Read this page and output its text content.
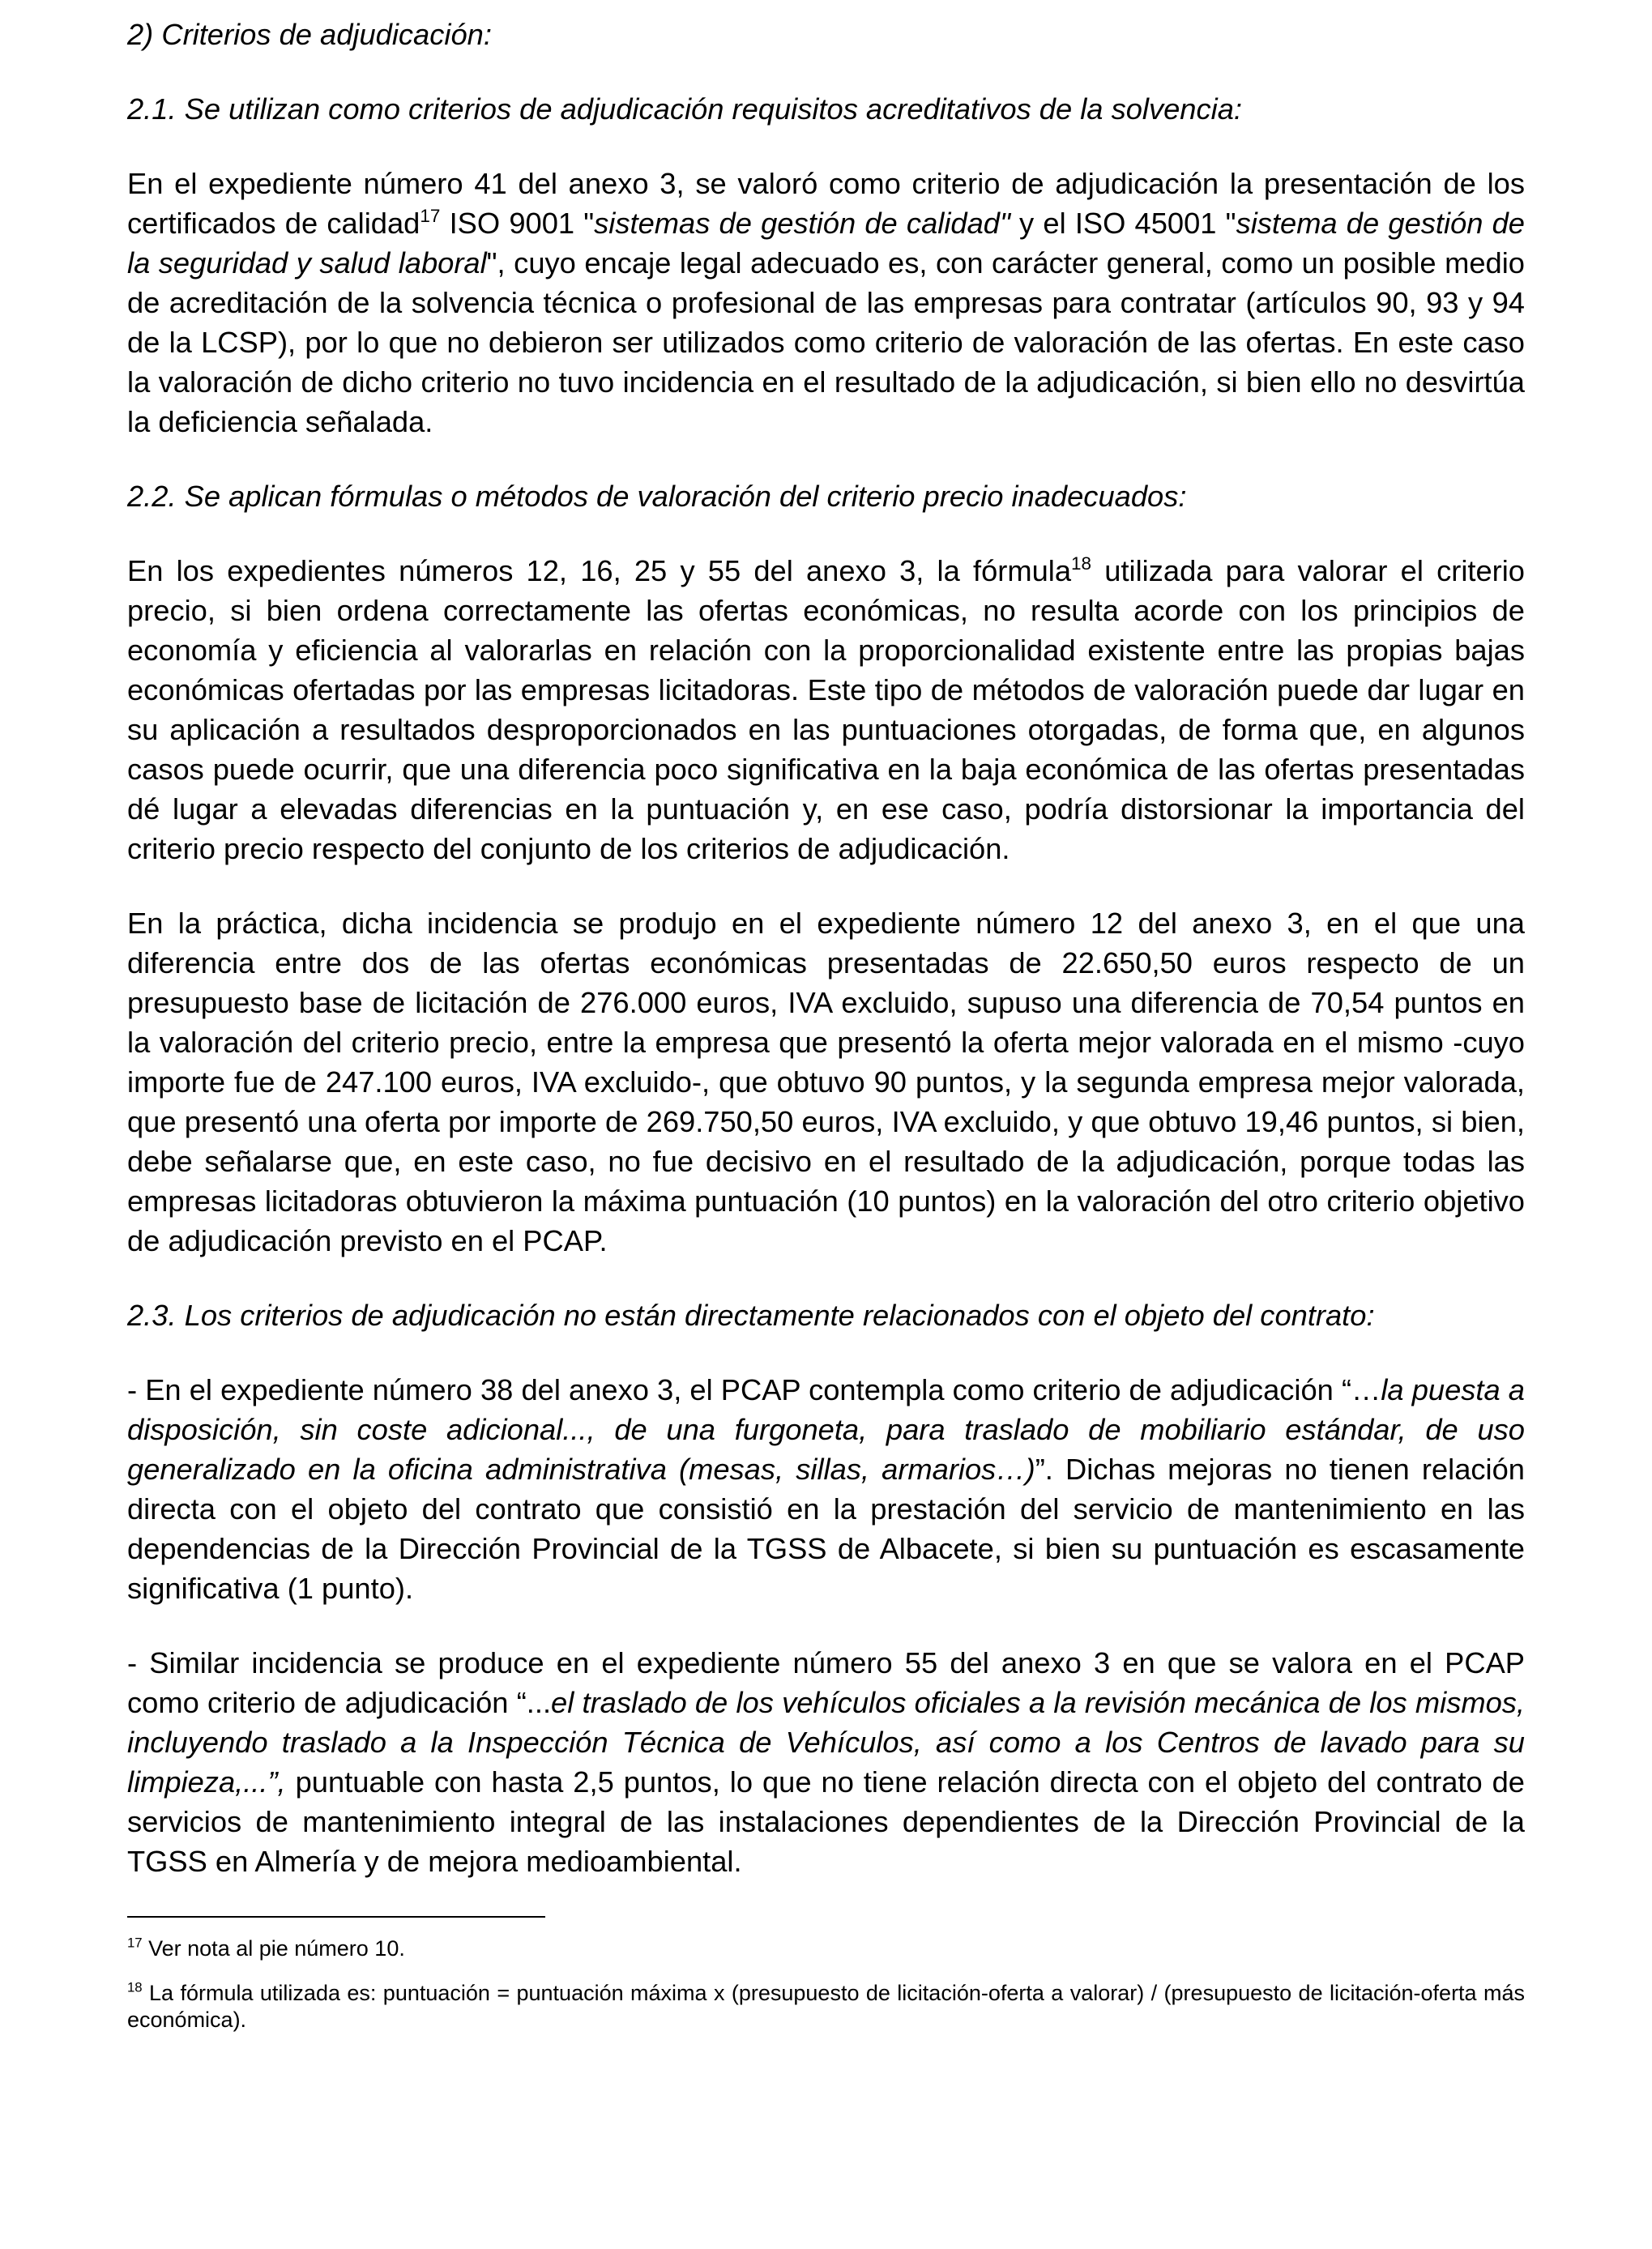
2) Criterios de adjudicación:

2.1. Se utilizan como criterios de adjudicación requisitos acreditativos de la solvencia:

En el expediente número 41 del anexo 3, se valoró como criterio de adjudicación la presentación de los certificados de calidad$^{17}$ ISO 9001 "sistemas de gestión de calidad" y el ISO 45001 "sistema de gestión de la seguridad y salud laboral", cuyo encaje legal adecuado es, con carácter general, como un posible medio de acreditación de la solvencia técnica o profesional de las empresas para contratar (artículos 90, 93 y 94 de la LCSP), por lo que no debieron ser utilizados como criterio de valoración de las ofertas. En este caso la valoración de dicho criterio no tuvo incidencia en el resultado de la adjudicación, si bien ello no desvirtúa la deficiencia señalada.

2.2. Se aplican fórmulas o métodos de valoración del criterio precio inadecuados:

En los expedientes números 12, 16, 25 y 55 del anexo 3, la fórmula$^{18}$ utilizada para valorar el criterio precio, si bien ordena correctamente las ofertas económicas, no resulta acorde con los principios de economía y eficiencia al valorarlas en relación con la proporcionalidad existente entre las propias bajas económicas ofertadas por las empresas licitadoras. Este tipo de métodos de valoración puede dar lugar en su aplicación a resultados desproporcionados en las puntuaciones otorgadas, de forma que, en algunos casos puede ocurrir, que una diferencia poco significativa en la baja económica de las ofertas presentadas dé lugar a elevadas diferencias en la puntuación y, en ese caso, podría distorsionar la importancia del criterio precio respecto del conjunto de los criterios de adjudicación.

En la práctica, dicha incidencia se produjo en el expediente número 12 del anexo 3, en el que una diferencia entre dos de las ofertas económicas presentadas de 22.650,50 euros respecto de un presupuesto base de licitación de 276.000 euros, IVA excluido, supuso una diferencia de 70,54 puntos en la valoración del criterio precio, entre la empresa que presentó la oferta mejor valorada en el mismo -cuyo importe fue de 247.100 euros, IVA excluido-, que obtuvo 90 puntos, y la segunda empresa mejor valorada, que presentó una oferta por importe de 269.750,50 euros, IVA excluido, y que obtuvo 19,46 puntos, si bien, debe señalarse que, en este caso, no fue decisivo en el resultado de la adjudicación, porque todas las empresas licitadoras obtuvieron la máxima puntuación (10 puntos) en la valoración del otro criterio objetivo de adjudicación previsto en el PCAP.

2.3. Los criterios de adjudicación no están directamente relacionados con el objeto del contrato:

- En el expediente número 38 del anexo 3, el PCAP contempla como criterio de adjudicación “…la puesta a disposición, sin coste adicional..., de una furgoneta, para traslado de mobiliario estándar, de uso generalizado en la oficina administrativa (mesas, sillas, armarios…)”. Dichas mejoras no tienen relación directa con el objeto del contrato que consistió en la prestación del servicio de mantenimiento en las dependencias de la Dirección Provincial de la TGSS de Albacete, si bien su puntuación es escasamente significativa (1 punto).

- Similar incidencia se produce en el expediente número 55 del anexo 3 en que se valora en el PCAP como criterio de adjudicación “...el traslado de los vehículos oficiales a la revisión mecánica de los mismos, incluyendo traslado a la Inspección Técnica de Vehículos, así como a los Centros de lavado para su limpieza,...”, puntuable con hasta 2,5 puntos, lo que no tiene relación directa con el objeto del contrato de servicios de mantenimiento integral de las instalaciones dependientes de la Dirección Provincial de la TGSS en Almería y de mejora medioambiental.

$^{17}$ Ver nota al pie número 10.

$^{18}$ La fórmula utilizada es: puntuación = puntuación máxima x (presupuesto de licitación-oferta a valorar) / (presupuesto de licitación-oferta más económica).
